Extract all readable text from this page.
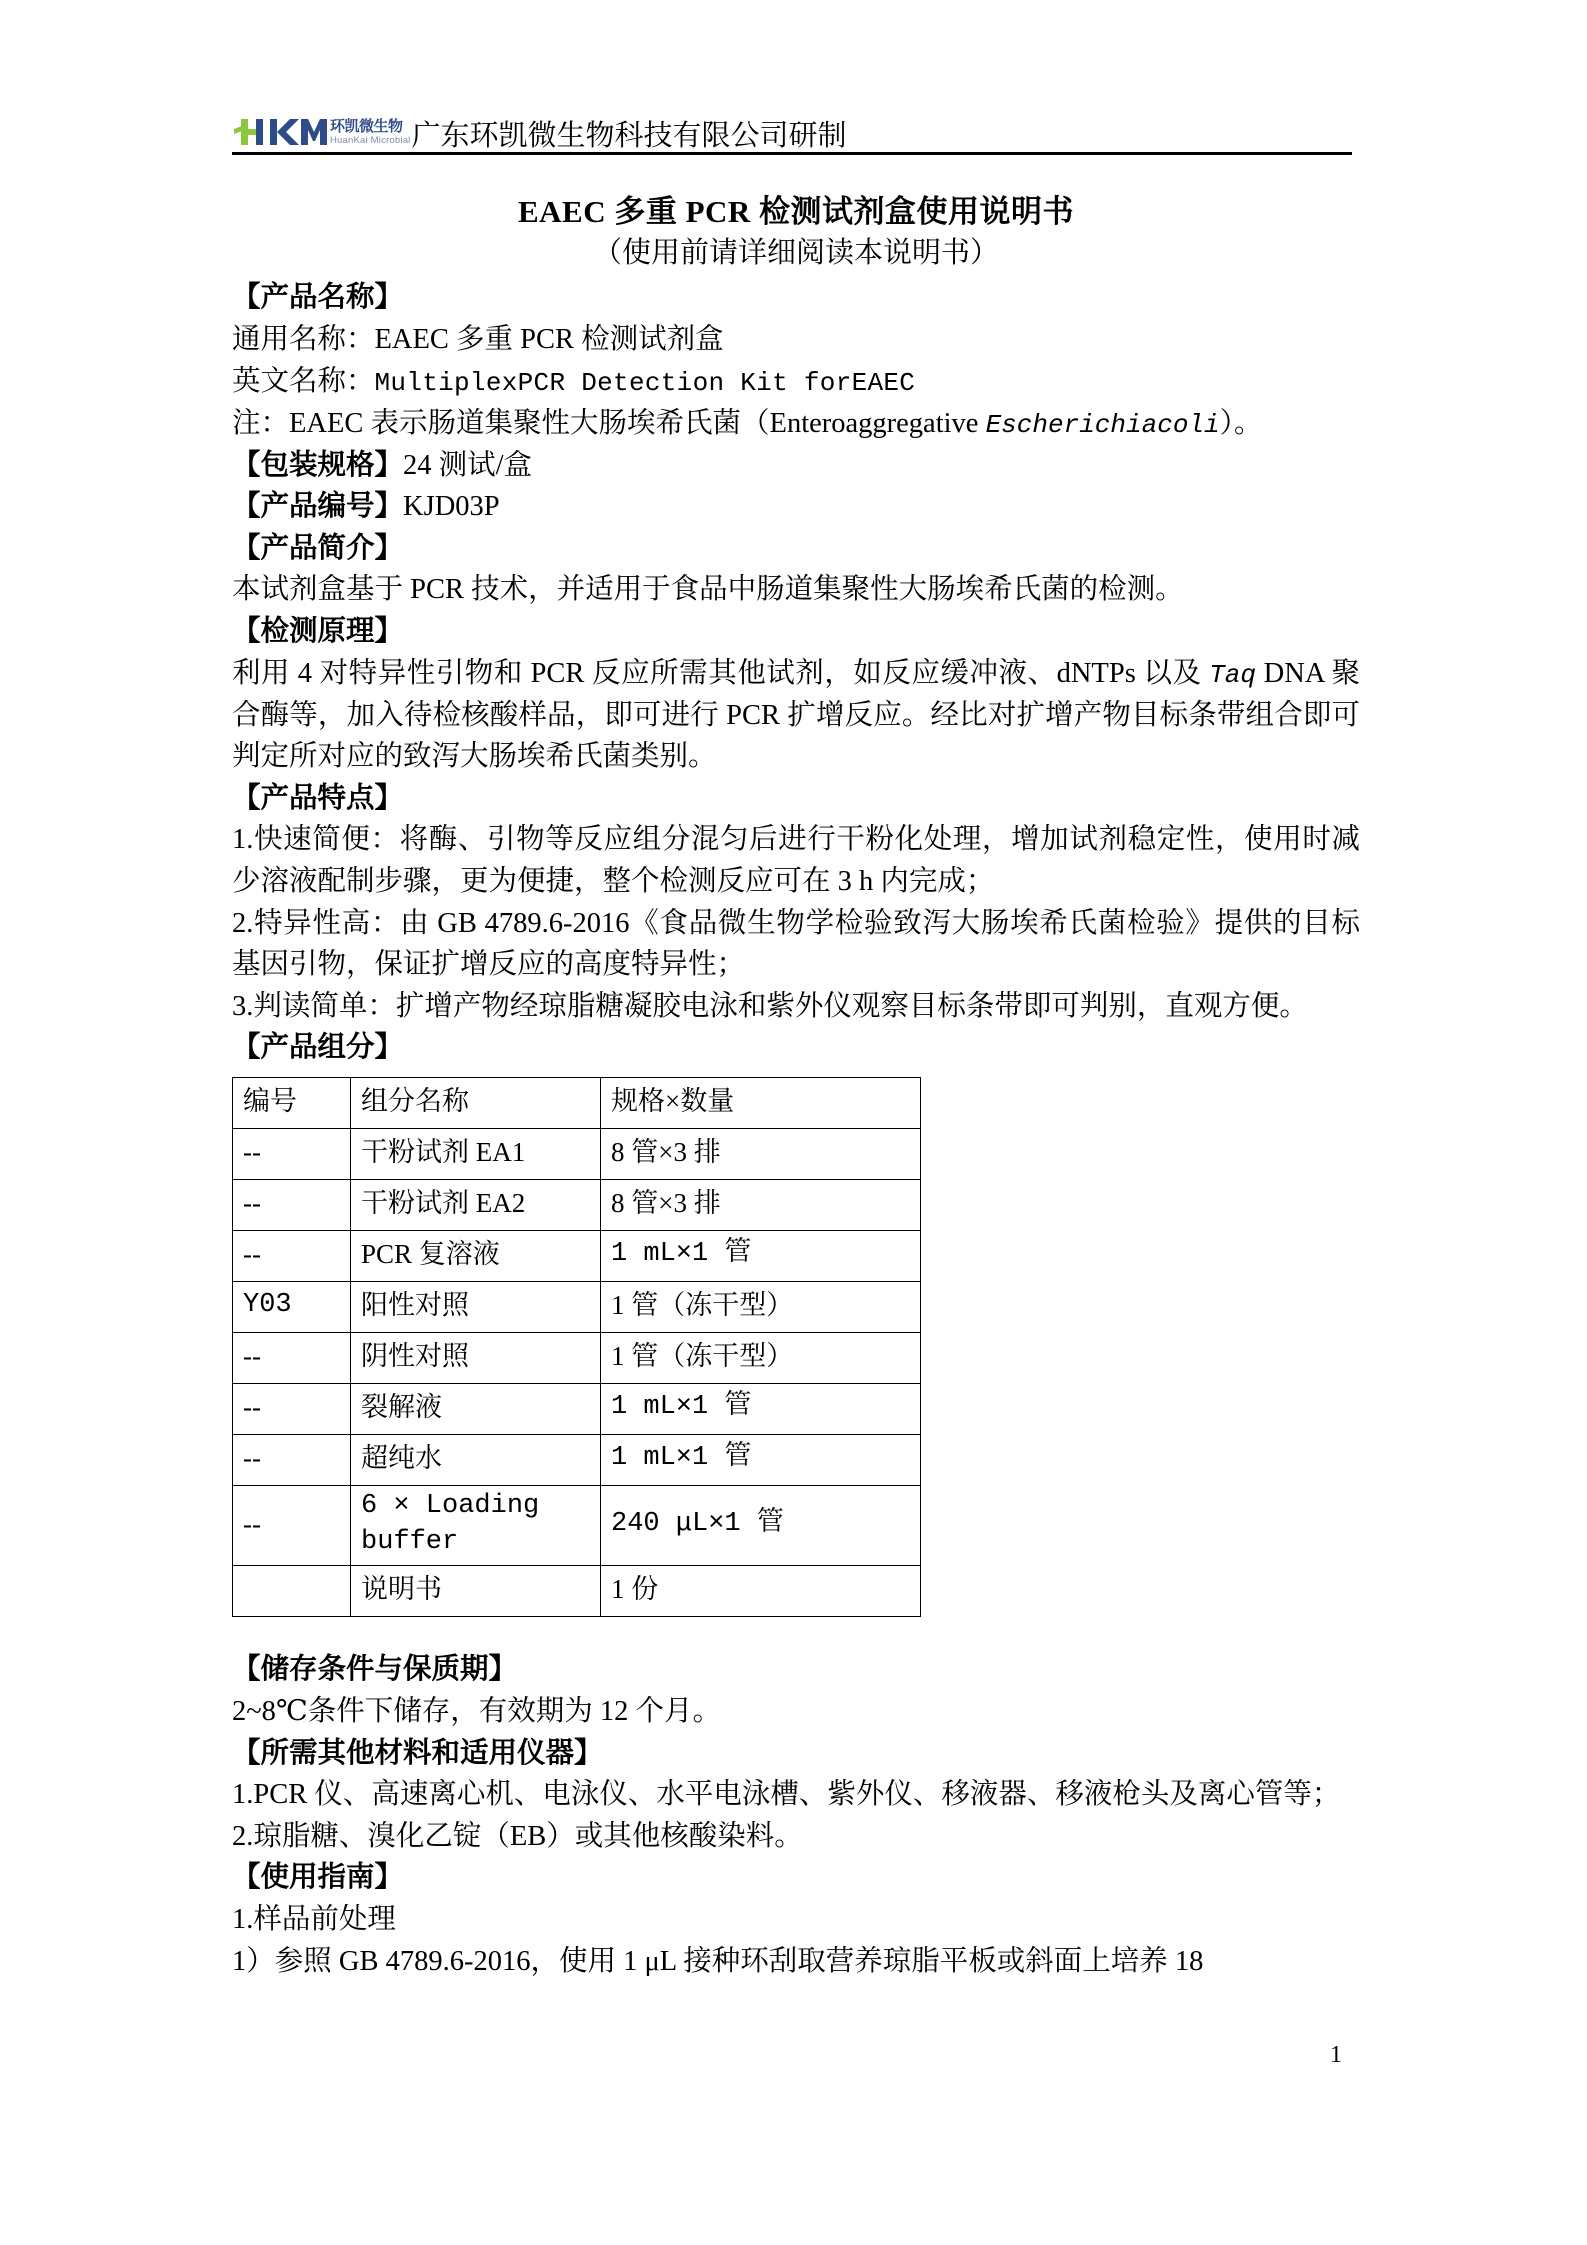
环凯微生物
HuanKai Microbial 广东环凯微生物科技有限公司研制
EAEC 多重 PCR 检测试剂盒使用说明书
（使用前请详细阅读本说明书）

【产品名称】

通用名称：EAEC 多重 PCR 检测试剂盒

英文名称：MultiplexPCR Detection Kit forEAEC

注：EAEC 表示肠道集聚性大肠埃希氏菌（Enteroaggregative Escherichiacoli）。

【包装规格】24 测试/盒

【产品编号】KJD03P

【产品简介】

本试剂盒基于 PCR 技术，并适用于食品中肠道集聚性大肠埃希氏菌的检测。

【检测原理】

利用 4 对特异性引物和 PCR 反应所需其他试剂，如反应缓冲液、dNTPs 以及 Taq DNA 聚合酶等，加入待检核酸样品，即可进行 PCR 扩增反应。经比对扩增产物目标条带组合即可判定所对应的致泻大肠埃希氏菌类别。

【产品特点】

1.快速简便：将酶、引物等反应组分混匀后进行干粉化处理，增加试剂稳定性，使用时减少溶液配制步骤，更为便捷，整个检测反应可在 3 h 内完成；

2.特异性高：由 GB 4789.6-2016《食品微生物学检验致泻大肠埃希氏菌检验》提供的目标基因引物，保证扩增反应的高度特异性；

3.判读简单：扩增产物经琼脂糖凝胶电泳和紫外仪观察目标条带即可判别，直观方便。

【产品组分】

编号	组分名称	规格×数量
--	干粉试剂 EA1	8 管×3 排
--	干粉试剂 EA2	8 管×3 排
--	PCR 复溶液	1 mL×1 管
Y03	阳性对照	1 管（冻干型）
--	阴性对照	1 管（冻干型）
--	裂解液	1 mL×1 管
--	超纯水	1 mL×1 管
--	6 × Loading buffer	240 μL×1 管
	说明书	1 份

【储存条件与保质期】

2~8℃条件下储存，有效期为 12 个月。

【所需其他材料和适用仪器】

1.PCR 仪、高速离心机、电泳仪、水平电泳槽、紫外仪、移液器、移液枪头及离心管等；

2.琼脂糖、溴化乙锭（EB）或其他核酸染料。

【使用指南】

1.样品前处理

1）参照 GB 4789.6-2016，使用 1 μL 接种环刮取营养琼脂平板或斜面上培养 18

1
